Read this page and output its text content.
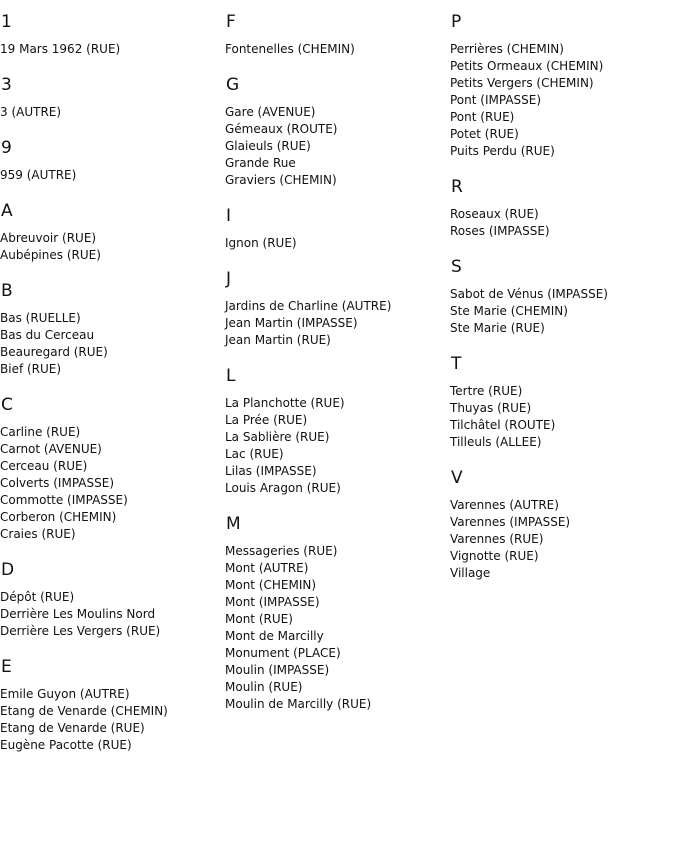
1
19 Mars 1962 (RUE)
3
3 (AUTRE)
9
959 (AUTRE)
A
Abreuvoir (RUE)
Aubépines (RUE)
B
Bas (RUELLE)
Bas du Cerceau
Beauregard (RUE)
Bief (RUE)
C
Carline (RUE)
Carnot (AVENUE)
Cerceau (RUE)
Colverts (IMPASSE)
Commotte (IMPASSE)
Corberon (CHEMIN)
Craies (RUE)
D
Dépôt (RUE)
Derrière Les Moulins Nord
Derrière Les Vergers (RUE)
E
Emile Guyon (AUTRE)
Etang de Venarde (CHEMIN)
Etang de Venarde (RUE)
Eugène Pacotte (RUE)
F
Fontenelles (CHEMIN)
G
Gare (AVENUE)
Gémeaux (ROUTE)
Glaieuls (RUE)
Grande Rue
Graviers (CHEMIN)
I
Ignon (RUE)
J
Jardins de Charline (AUTRE)
Jean Martin (IMPASSE)
Jean Martin (RUE)
L
La Planchotte (RUE)
La Prée (RUE)
La Sablière (RUE)
Lac (RUE)
Lilas (IMPASSE)
Louis Aragon (RUE)
M
Messageries (RUE)
Mont (AUTRE)
Mont (CHEMIN)
Mont (IMPASSE)
Mont (RUE)
Mont de Marcilly
Monument (PLACE)
Moulin (IMPASSE)
Moulin (RUE)
Moulin de Marcilly (RUE)
P
Perrières (CHEMIN)
Petits Ormeaux (CHEMIN)
Petits Vergers (CHEMIN)
Pont (IMPASSE)
Pont (RUE)
Potet (RUE)
Puits Perdu (RUE)
R
Roseaux (RUE)
Roses (IMPASSE)
S
Sabot de Vénus (IMPASSE)
Ste Marie (CHEMIN)
Ste Marie (RUE)
T
Tertre (RUE)
Thuyas (RUE)
Tilchâtel (ROUTE)
Tilleuls (ALLEE)
V
Varennes (AUTRE)
Varennes (IMPASSE)
Varennes (RUE)
Vignotte (RUE)
Village
